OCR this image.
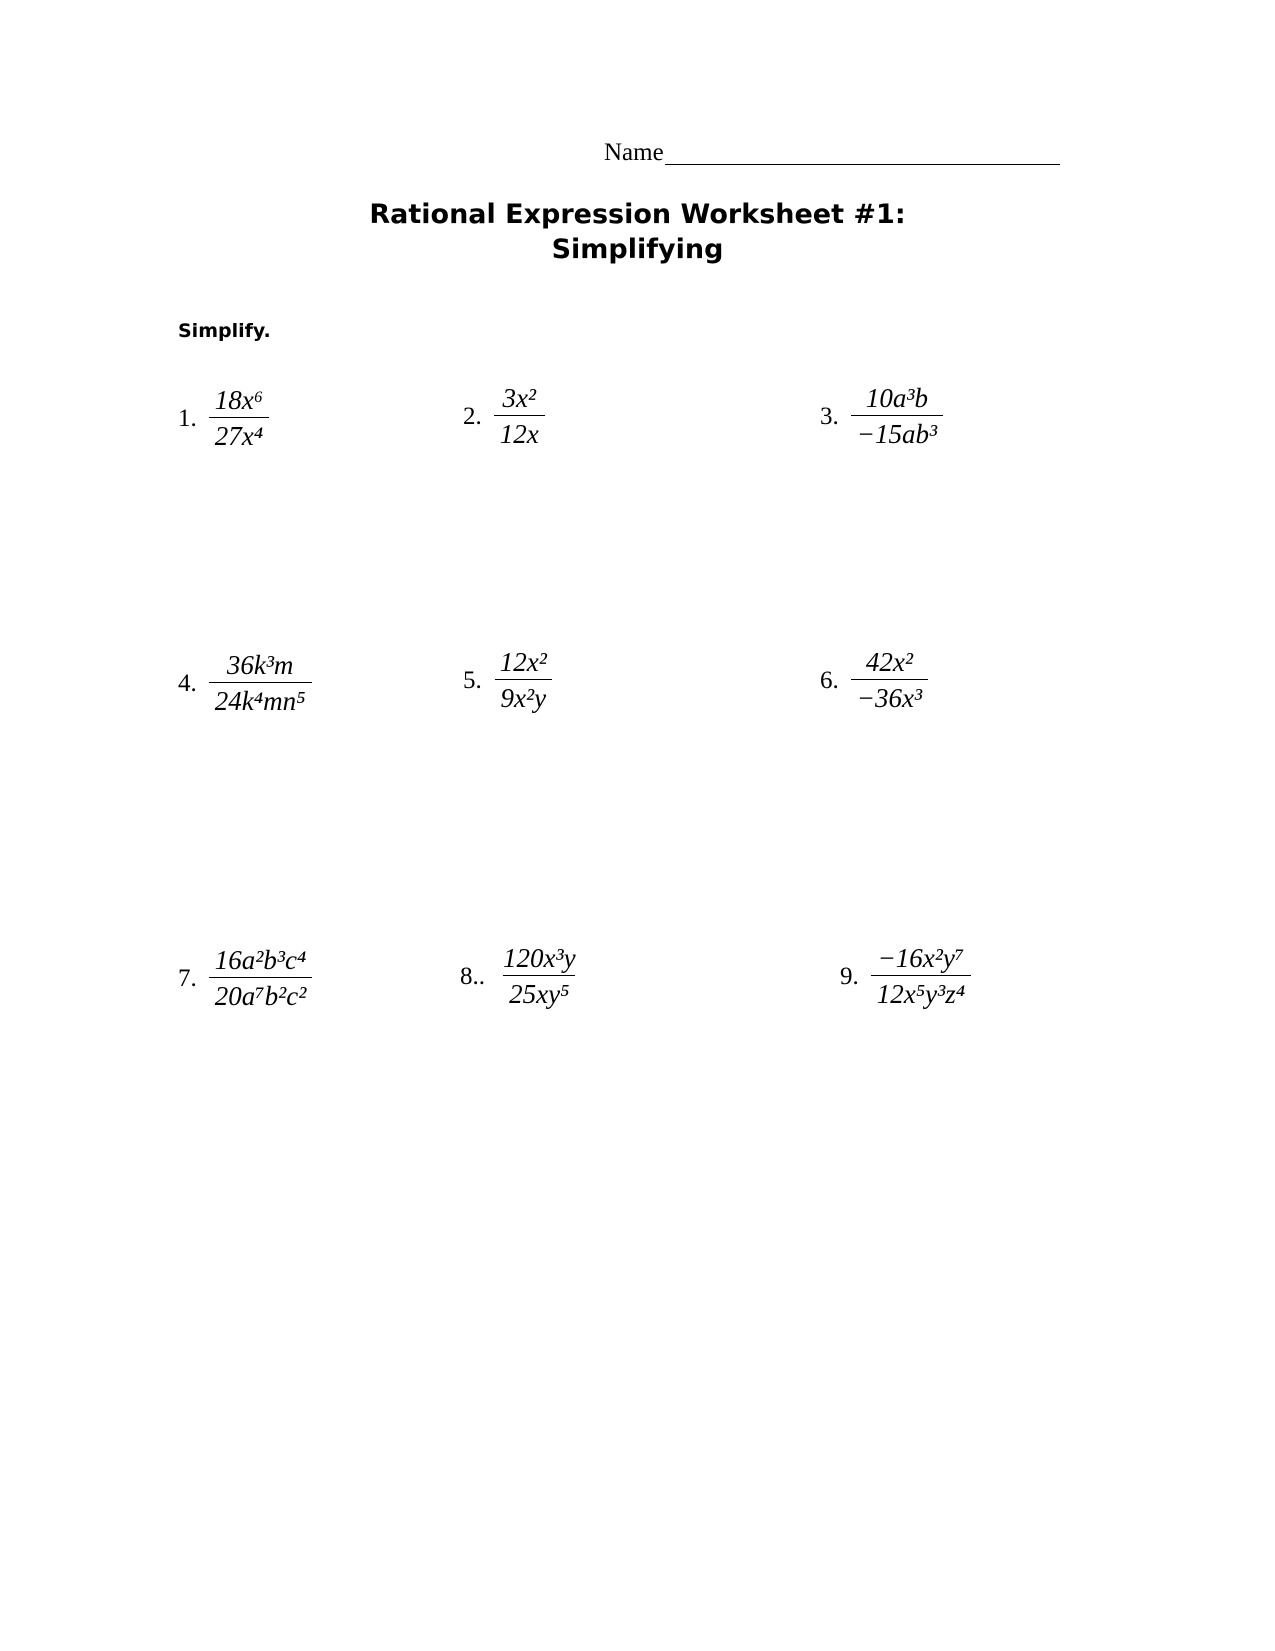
Name
Rational Expression Worksheet #1:
Simplifying
Simplify.
1. $\frac{\text{18x⁶}}{\text{27x⁴}}$	2. $\frac{\text{3x²}}{12x}$	3. $\frac{\text{10a³b}}{\text{−15ab³}}$
4. $\frac{\text{36k³m}}{\text{24k⁴mn⁵}}$	5. $\frac{\text{12x²}}{\text{9x²y}}$	6. $\frac{\text{42x²}}{\text{−36x³}}$
7. $\frac{\text{16a²b³c⁴}}{\text{20a⁷b²c²}}$	8.. $\frac{\text{120x³y}}{\text{25xy⁵}}$	9. $\frac{\text{−16x²y⁷}}{\text{12x⁵y³z⁴}}$
